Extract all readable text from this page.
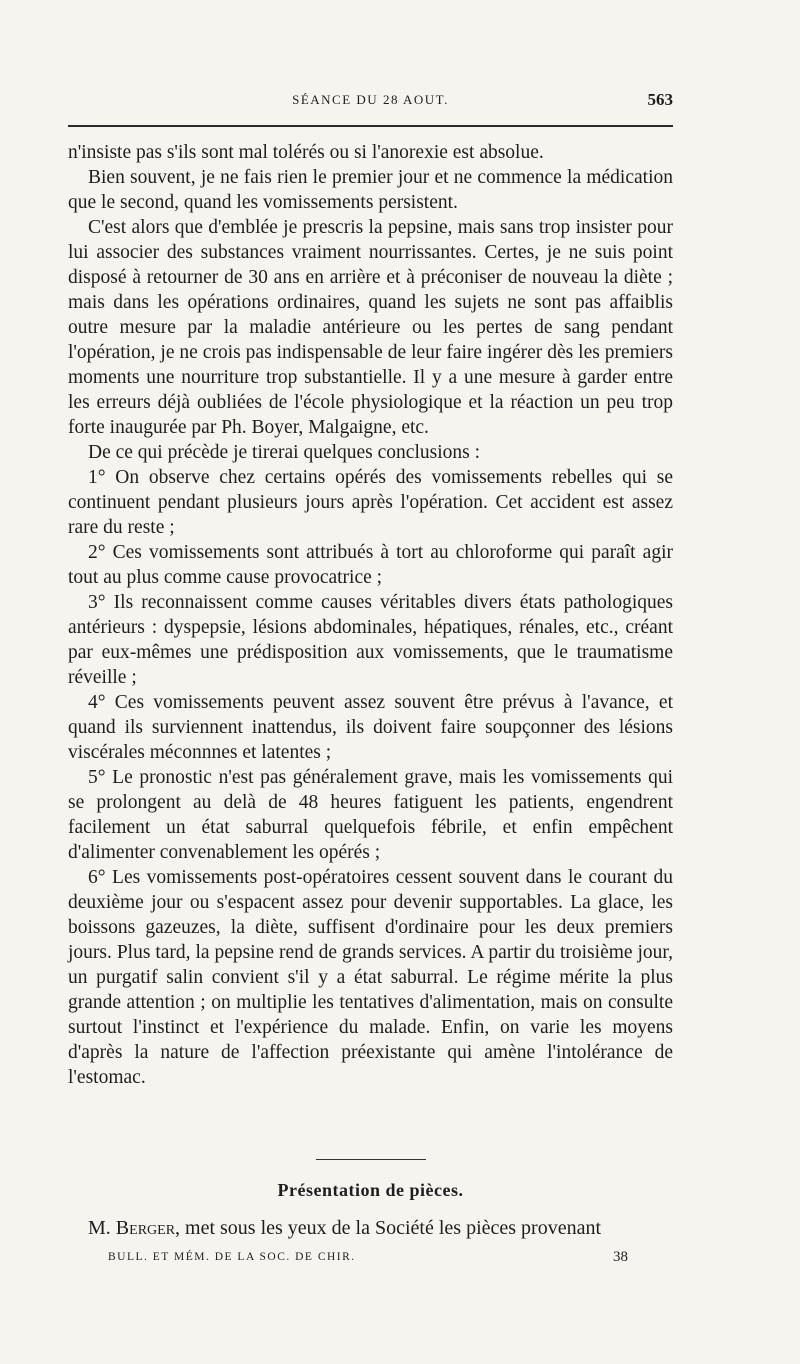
SÉANCE DU 28 AOUT.	563

n'insiste pas s'ils sont mal tolérés ou si l'anorexie est absolue.

Bien souvent, je ne fais rien le premier jour et ne commence la médication que le second, quand les vomissements persistent.

C'est alors que d'emblée je prescris la pepsine, mais sans trop insister pour lui associer des substances vraiment nourrissantes. Certes, je ne suis point disposé à retourner de 30 ans en arrière et à préconiser de nouveau la diète ; mais dans les opérations ordinaires, quand les sujets ne sont pas affaiblis outre mesure par la maladie antérieure ou les pertes de sang pendant l'opération, je ne crois pas indispensable de leur faire ingérer dès les premiers moments une nourriture trop substantielle. Il y a une mesure à garder entre les erreurs déjà oubliées de l'école physiologique et la réaction un peu trop forte inaugurée par Ph. Boyer, Malgaigne, etc.

De ce qui précède je tirerai quelques conclusions :

1° On observe chez certains opérés des vomissements rebelles qui se continuent pendant plusieurs jours après l'opération. Cet accident est assez rare du reste ;

2° Ces vomissements sont attribués à tort au chloroforme qui paraît agir tout au plus comme cause provocatrice ;

3° Ils reconnaissent comme causes véritables divers états pathologiques antérieurs : dyspepsie, lésions abdominales, hépatiques, rénales, etc., créant par eux-mêmes une prédisposition aux vomissements, que le traumatisme réveille ;

4° Ces vomissements peuvent assez souvent être prévus à l'avance, et quand ils surviennent inattendus, ils doivent faire soupçonner des lésions viscérales méconnnes et latentes ;

5° Le pronostic n'est pas généralement grave, mais les vomissements qui se prolongent au delà de 48 heures fatiguent les patients, engendrent facilement un état saburral quelquefois fébrile, et enfin empêchent d'alimenter convenablement les opérés ;

6° Les vomissements post-opératoires cessent souvent dans le courant du deuxième jour ou s'espacent assez pour devenir supportables. La glace, les boissons gazeuzes, la diète, suffisent d'ordinaire pour les deux premiers jours. Plus tard, la pepsine rend de grands services. A partir du troisième jour, un purgatif salin convient s'il y a état saburral. Le régime mérite la plus grande attention ; on multiplie les tentatives d'alimentation, mais on consulte surtout l'instinct et l'expérience du malade. Enfin, on varie les moyens d'après la nature de l'affection préexistante qui amène l'intolérance de l'estomac.

Présentation de pièces.

M. Berger, met sous les yeux de la Société les pièces provenant

BULL. ET MÉM. DE LA SOC. DE CHIR.	38
